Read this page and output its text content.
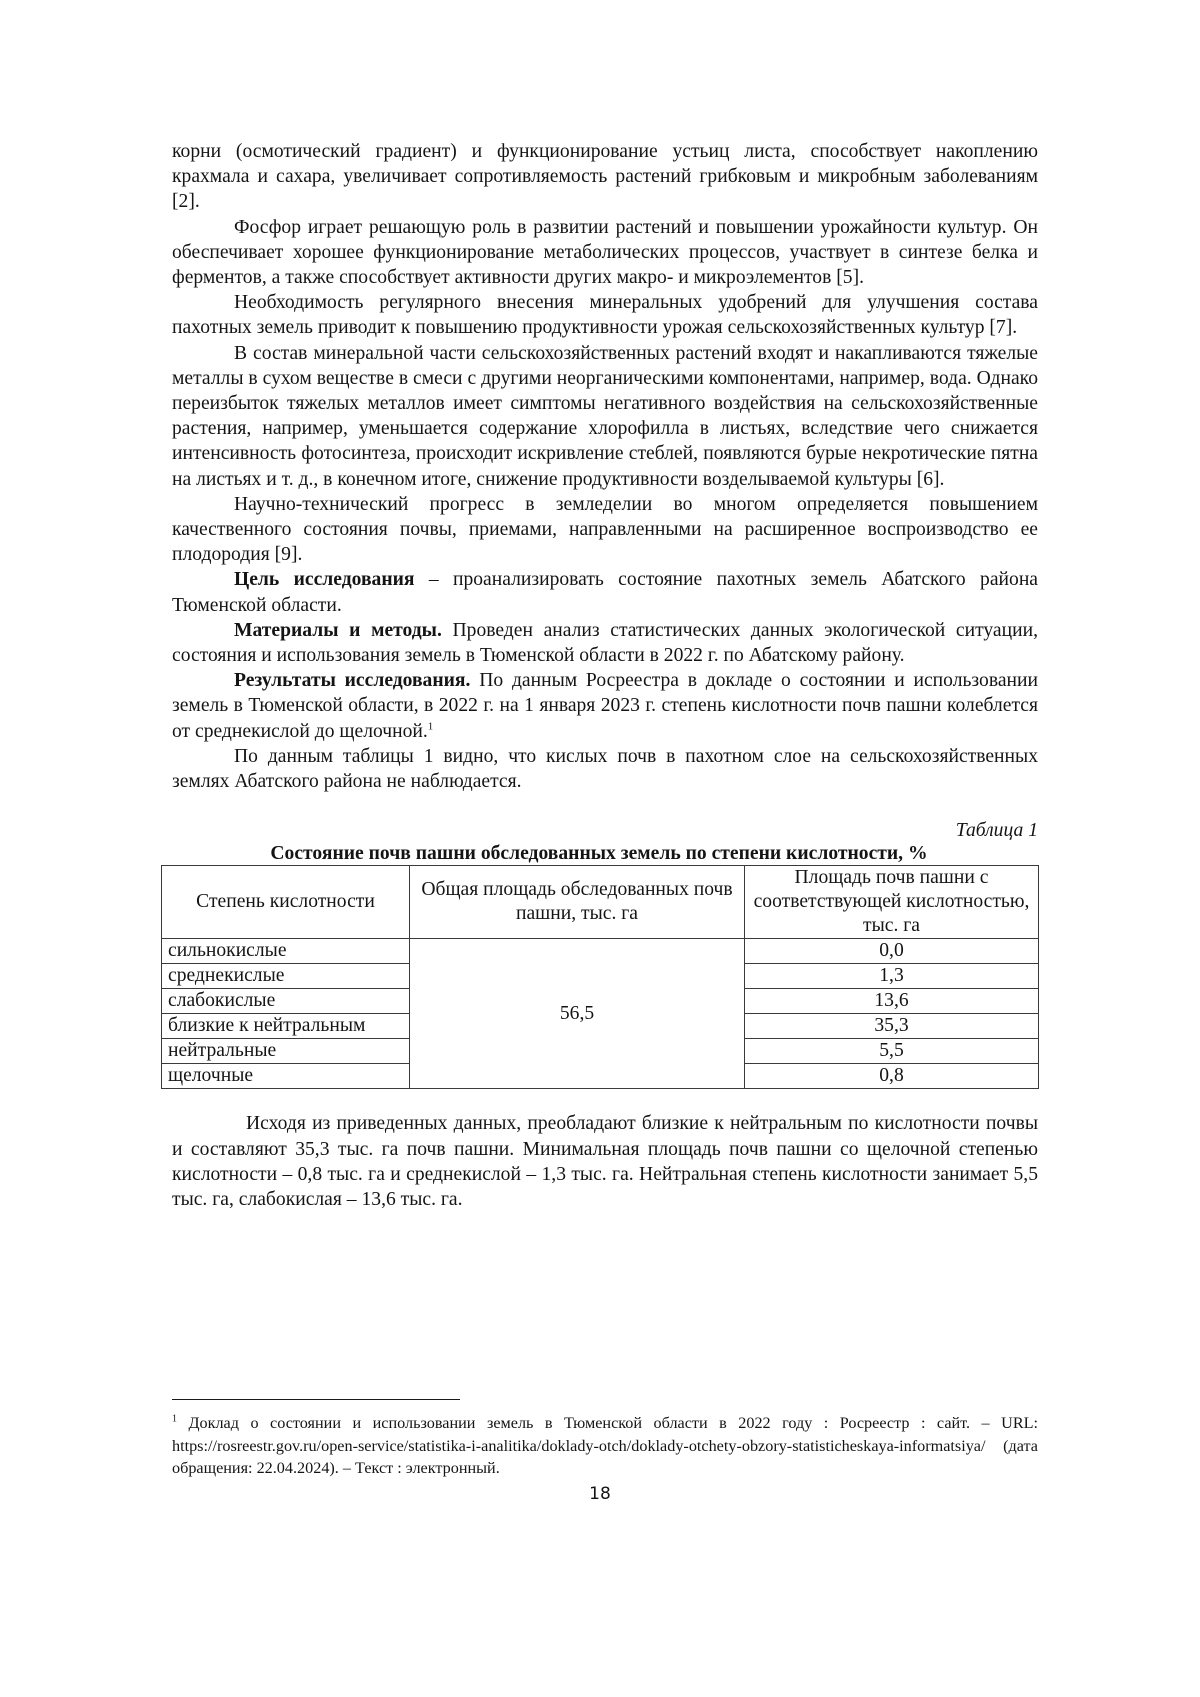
корни (осмотический градиент) и функционирование устьиц листа, способствует накоплению крахмала и сахара, увеличивает сопротивляемость растений грибковым и микробным заболеваниям [2].

Фосфор играет решающую роль в развитии растений и повышении урожайности культур. Он обеспечивает хорошее функционирование метаболических процессов, участвует в синтезе белка и ферментов, а также способствует активности других макро- и микроэлементов [5].

Необходимость регулярного внесения минеральных удобрений для улучшения состава пахотных земель приводит к повышению продуктивности урожая сельскохозяйственных культур [7].

В состав минеральной части сельскохозяйственных растений входят и накапливаются тяжелые металлы в сухом веществе в смеси с другими неорганическими компонентами, например, вода. Однако переизбыток тяжелых металлов имеет симптомы негативного воздействия на сельскохозяйственные растения, например, уменьшается содержание хлорофилла в листьях, вследствие чего снижается интенсивность фотосинтеза, происходит искривление стеблей, появляются бурые некротические пятна на листьях и т. д., в конечном итоге, снижение продуктивности возделываемой культуры [6].

Научно-технический прогресс в земледелии во многом определяется повышением качественного состояния почвы, приемами, направленными на расширенное воспроизводство ее плодородия [9].

Цель исследования – проанализировать состояние пахотных земель Абатского района Тюменской области.

Материалы и методы. Проведен анализ статистических данных экологической ситуации, состояния и использования земель в Тюменской области в 2022 г. по Абатскому району.

Результаты исследования. По данным Росреестра в докладе о состоянии и использовании земель в Тюменской области, в 2022 г. на 1 января 2023 г. степень кислотности почв пашни колеблется от среднекислой до щелочной.$^1$

По данным таблицы 1 видно, что кислых почв в пахотном слое на сельскохозяйственных землях Абатского района не наблюдается.

Таблица 1
Состояние почв пашни обследованных земель по степени кислотности, %
Степень кислотности	Общая площадь обследованных почв пашни, тыс. га	Площадь почв пашни с соответствующей кислотностью, тыс. га
сильнокислые	56,5	0,0
среднекислые		1,3
слабокислые		13,6
близкие к нейтральным		35,3
нейтральные		5,5
щелочные		0,8

Исходя из приведенных данных, преобладают близкие к нейтральным по кислотности почвы и составляют 35,3 тыс. га почв пашни. Минимальная площадь почв пашни со щелочной степенью кислотности – 0,8 тыс. га и среднекислой – 1,3 тыс. га. Нейтральная степень кислотности занимает 5,5 тыс. га, слабокислая – 13,6 тыс. га.

$^1$ Доклад о состоянии и использовании земель в Тюменской области в 2022 году : Росреестр : сайт. – URL: https://rosreestr.gov.ru/open-service/statistika-i-analitika/doklady-otch/doklady-otchety-obzory-statisticheskaya-informatsiya/ (дата обращения: 22.04.2024). – Текст : электронный.
18
